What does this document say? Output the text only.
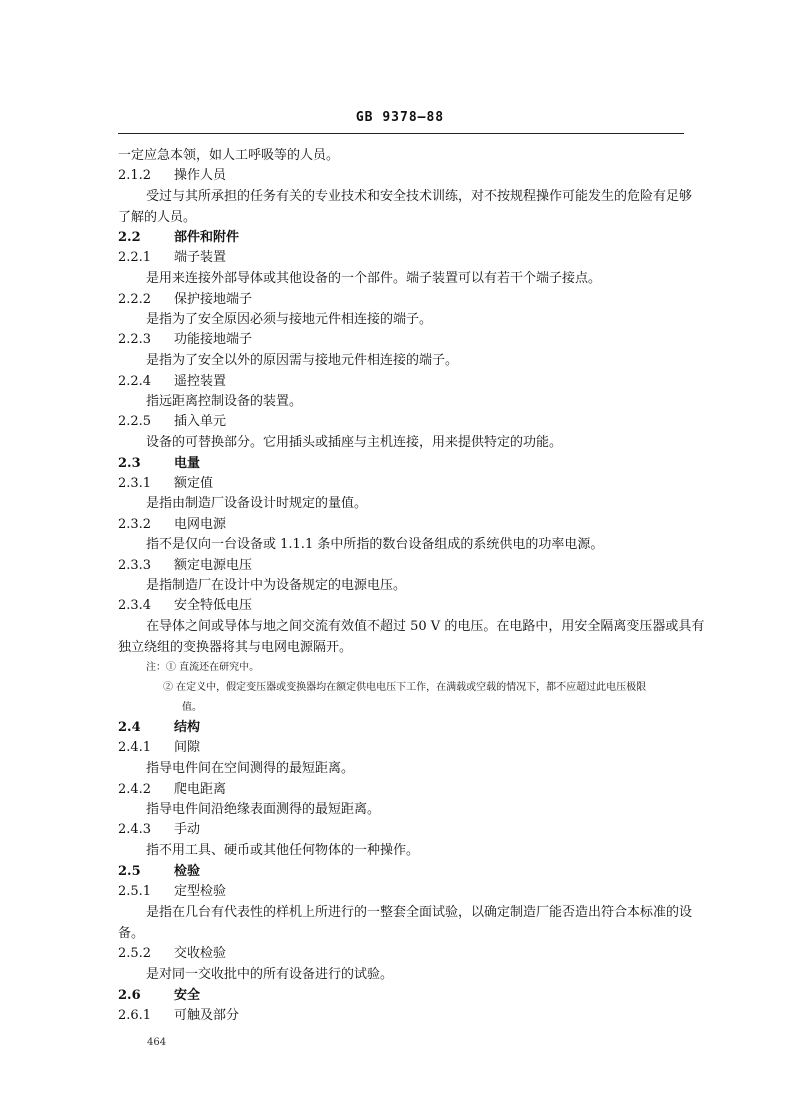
GB 9378—88
一定应急本领，如人工呼吸等的人员。
2.1.2 操作人员
受过与其所承担的任务有关的专业技术和安全技术训练，对不按规程操作可能发生的危险有足够
了解的人员。
2.2	部件和附件
2.2.1 端子装置
是用来连接外部导体或其他设备的一个部件。端子装置可以有若干个端子接点。
2.2.2 保护接地端子
是指为了安全原因必须与接地元件相连接的端子。
2.2.3 功能接地端子
是指为了安全以外的原因需与接地元件相连接的端子。
2.2.4 遥控装置
指远距离控制设备的装置。
2.2.5 插入单元
设备的可替换部分。它用插头或插座与主机连接，用来提供特定的功能。
2.3	电量
2.3.1 额定值
是指由制造厂设备设计时规定的量值。
2.3.2 电网电源
指不是仅向一台设备或 1.1.1 条中所指的数台设备组成的系统供电的功率电源。
2.3.3 额定电源电压
是指制造厂在设计中为设备规定的电源电压。
2.3.4 安全特低电压
在导体之间或导体与地之间交流有效值不超过 50 V 的电压。在电路中，用安全隔离变压器或具有
独立绕组的变换器将其与电网电源隔开。
注：① 直流还在研究中。
② 在定义中，假定变压器或变换器均在额定供电电压下工作，在满载或空载的情况下，都不应超过此电压极限
值。
2.4	结构
2.4.1 间隙
指导电件间在空间测得的最短距离。
2.4.2 爬电距离
指导电件间沿绝缘表面测得的最短距离。
2.4.3 手动
指不用工具、硬币或其他任何物体的一种操作。
2.5	检验
2.5.1 定型检验
是指在几台有代表性的样机上所进行的一整套全面试验，以确定制造厂能否造出符合本标准的设
备。
2.5.2 交收检验
是对同一交收批中的所有设备进行的试验。
2.6	安全
2.6.1 可触及部分
464
